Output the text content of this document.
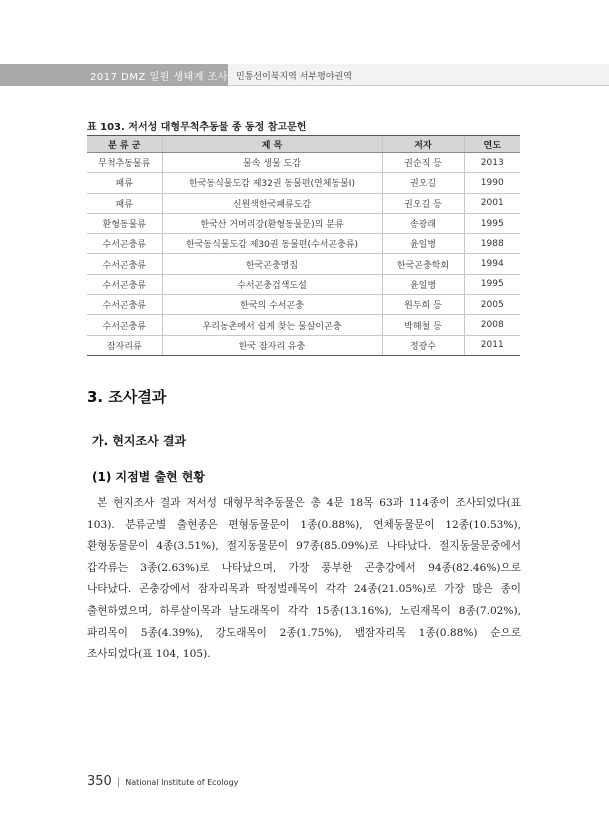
2017 DMZ 일원 생태계 조사 민통선이북지역 서부평야권역
표 103. 저서성 대형무척추동물 종 동정 참고문헌
분 류 군	제 목	저자	연도
무척추동물류	물속 생물 도감	권순직 등	2013
패류	한국동식물도감 제32권 동물편(연체동물Ⅰ)	권오길	1990
패류	신원색한국패류도감	권오길 등	2001
환형동물류	한국산 거머리강(환형동물문)의 분류	송광래	1995
수서곤충류	한국동식물도감 제30권 동물편(수서곤충류)	윤일병	1988
수서곤충류	한국곤충명집	한국곤충학회	1994
수서곤충류	수서곤충검색도설	윤일병	1995
수서곤충류	한국의 수서곤충	원두희 등	2005
수서곤충류	우리농촌에서 쉽게 찾는 물살이곤충	박해철 등	2008
잠자리류	한국 잠자리 유충	정광수	2011
3. 조사결과
가. 현지조사 결과
(1) 지점별 출현 현황
본 현지조사 결과 저서성 대형무척추동물은 총 4문 18목 63과 114종이 조사되었다(표
103). 분류군별 출현종은 편형동물문이 1종(0.88%), 연체동물문이 12종(10.53%),
환형동물문이 4종(3.51%), 절지동물문이 97종(85.09%)로 나타났다. 절지동물문중에서
갑각류는 3종(2.63%)로 나타났으며, 가장 풍부한 곤충강에서 94종(82.46%)으로
나타났다. 곤충강에서 잠자리목과 딱정벌레목이 각각 24종(21.05%)로 가장 많은 종이
출현하였으며, 하루살이목과 날도래목이 각각 15종(13.16%), 노린재목이 8종(7.02%),
파리목이 5종(4.39%), 강도래목이 2종(1.75%), 뱀잠자리목 1종(0.88%) 순으로
조사되었다(표 104, 105).
350 | National Institute of Ecology
